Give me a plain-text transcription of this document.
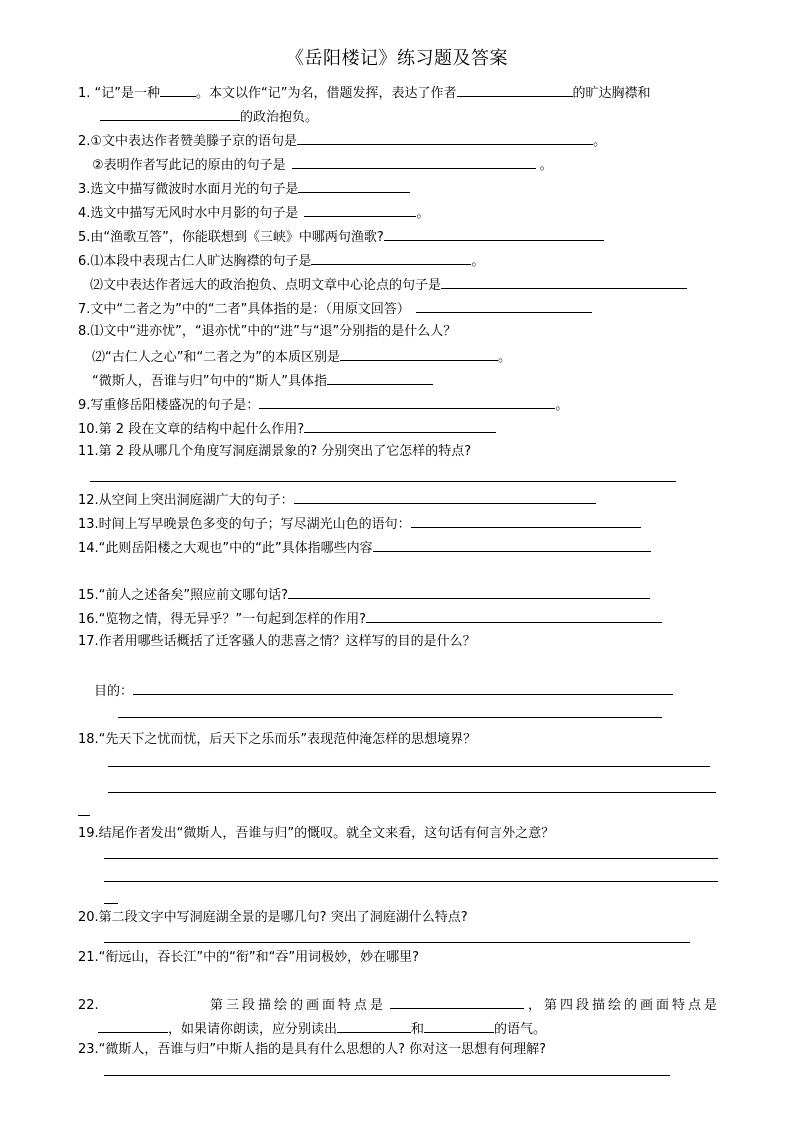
《岳阳楼记》练习题及答案
1. “记”是一种	。本文以作“记”为名，借题发挥，表达了作者	的旷达胸襟和
的政治抱负。
2.①文中表达作者赞美滕子京的语句是	。
②表明作者写此记的原由的句子是	。
3.选文中描写微波时水面月光的句子是
4.选文中描写无风时水中月影的句子是	。
5.由“渔歌互答”，你能联想到《三峡》中哪两句渔歌?
6.⑴本段中表现古仁人旷达胸襟的句子是	。
⑵文中表达作者远大的政治抱负、点明文章中心论点的句子是
7.文中“二者之为”中的“二者”具体指的是：（用原文回答）
8.⑴文中“进亦忧”，“退亦忧”中的“进”与“退”分别指的是什么人？
⑵“古仁人之心”和“二者之为”的本质区别是	。
“微斯人，吾谁与归”句中的“斯人”具体指
9.写重修岳阳楼盛况的句子是：	。
10.第 2 段在文章的结构中起什么作用?
11.第 2 段从哪几个角度写洞庭湖景象的? 分别突出了它怎样的特点?
12.从空间上突出洞庭湖广大的句子：
13.时间上写早晚景色多变的句子；写尽湖光山色的语句：
14.“此则岳阳楼之大观也”中的“此”具体指哪些内容
15.“前人之述备矣”照应前文哪句话?
16.“览物之情，得无异乎？”一句起到怎样的作用?
17.作者用哪些话概括了迁客骚人的悲喜之情？这样写的目的是什么？
目的：
18.“先天下之忧而忧，后天下之乐而乐”表现范仲淹怎样的思想境界？
19.结尾作者发出“微斯人，吾谁与归”的慨叹。就全文来看，这句话有何言外之意？
20.第二段文字中写洞庭湖全景的是哪几句? 突出了洞庭湖什么特点?
21.“衔远山，吞长江”中的“衔”和“吞”用词极妙，妙在哪里?
22.	第三段描绘的画面特点是	，第四段描绘的画面特点是
，如果请你朗读，应分别读出	和	的语气。
23.“微斯人，吾谁与归”中斯人指的是具有什么思想的人? 你对这一思想有何理解?
